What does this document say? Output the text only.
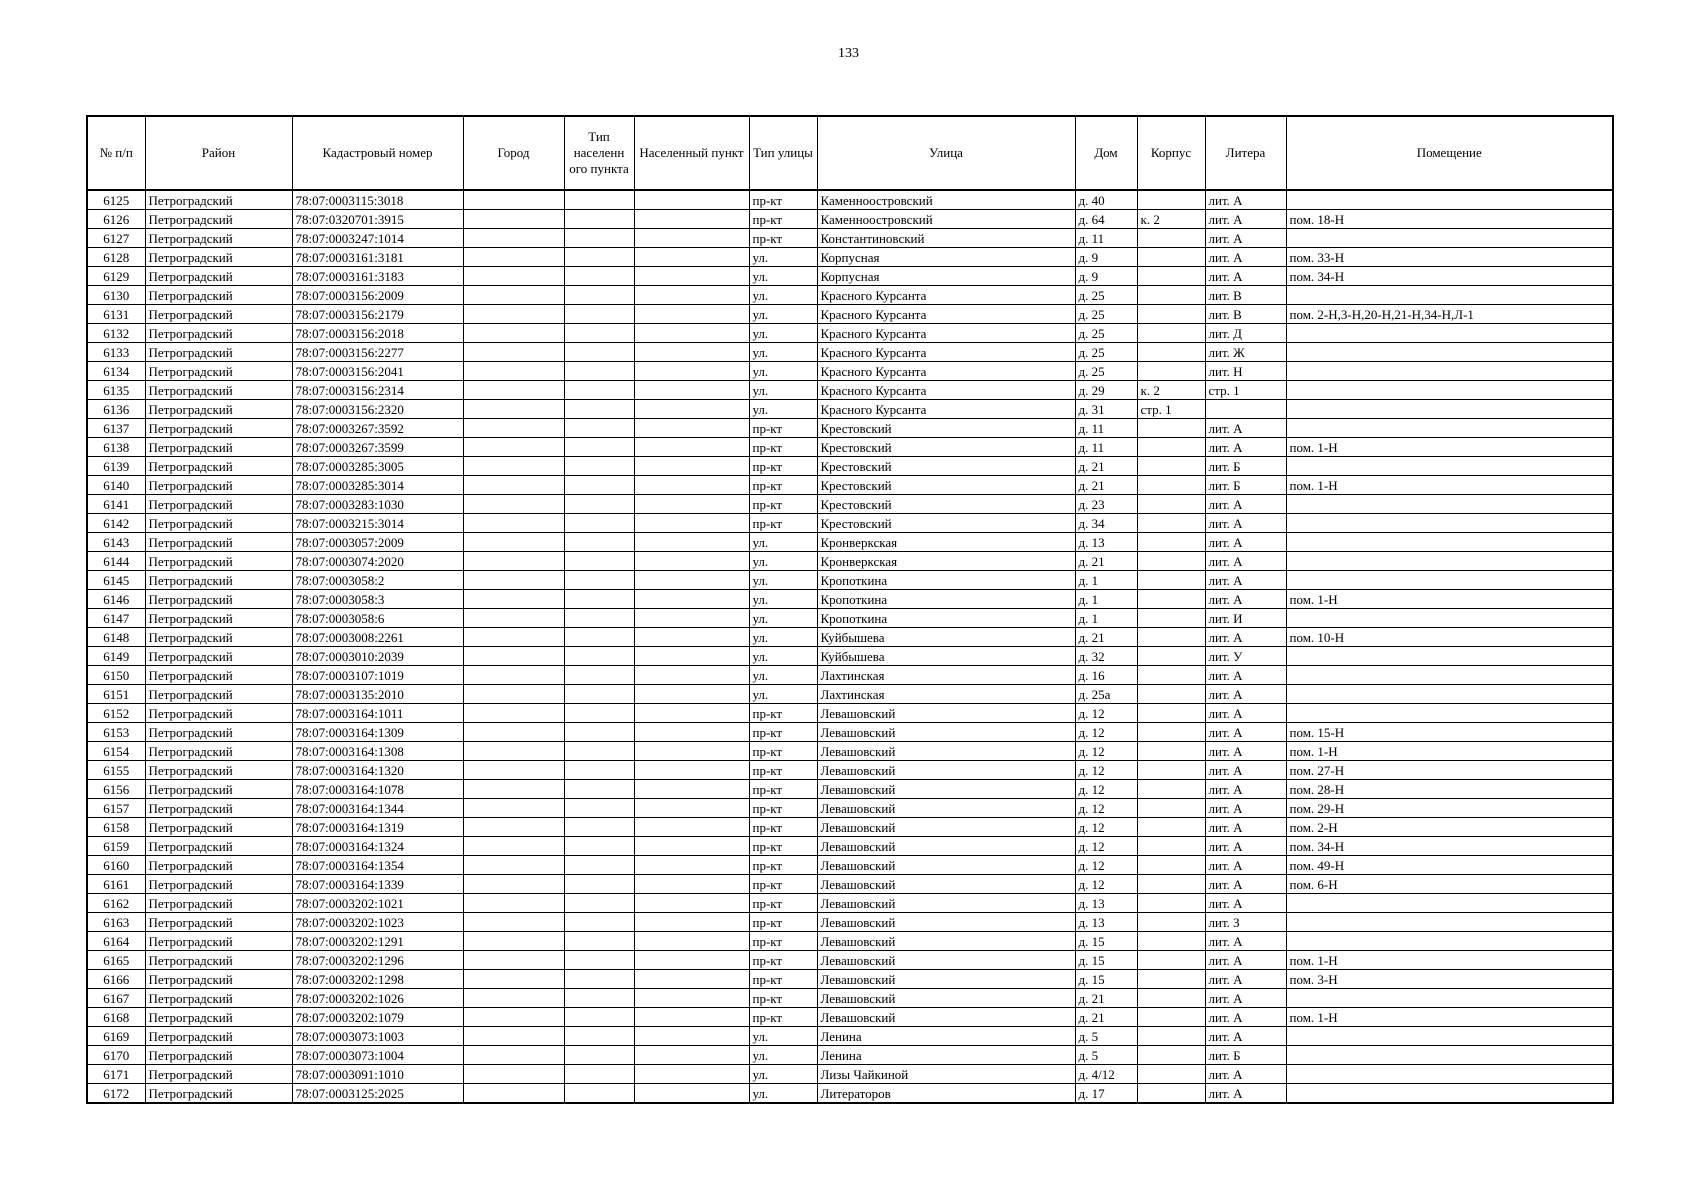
133
№ п/п	Район	Кадастровый номер	Город	Тип населенн ого пункта	Населенный пункт	Тип улицы	Улица	Дом	Корпус	Литера	Помещение
6125	Петроградский	78:07:0003115:3018				пр-кт	Каменноостровский	д. 40		лит. А	
6126	Петроградский	78:07:0320701:3915				пр-кт	Каменноостровский	д. 64	к. 2	лит. А	пом. 18-Н
6127	Петроградский	78:07:0003247:1014				пр-кт	Константиновский	д. 11		лит. А	
6128	Петроградский	78:07:0003161:3181				ул.	Корпусная	д. 9		лит. А	пом. 33-Н
6129	Петроградский	78:07:0003161:3183				ул.	Корпусная	д. 9		лит. А	пом. 34-Н
6130	Петроградский	78:07:0003156:2009				ул.	Красного Курсанта	д. 25		лит. В	
6131	Петроградский	78:07:0003156:2179				ул.	Красного Курсанта	д. 25		лит. В	пом. 2-Н,3-Н,20-Н,21-Н,34-Н,Л-1
6132	Петроградский	78:07:0003156:2018				ул.	Красного Курсанта	д. 25		лит. Д	
6133	Петроградский	78:07:0003156:2277				ул.	Красного Курсанта	д. 25		лит. Ж	
6134	Петроградский	78:07:0003156:2041				ул.	Красного Курсанта	д. 25		лит. Н	
6135	Петроградский	78:07:0003156:2314				ул.	Красного Курсанта	д. 29	к. 2	стр. 1	
6136	Петроградский	78:07:0003156:2320				ул.	Красного Курсанта	д. 31	стр. 1		
6137	Петроградский	78:07:0003267:3592				пр-кт	Крестовский	д. 11		лит. А	
6138	Петроградский	78:07:0003267:3599				пр-кт	Крестовский	д. 11		лит. А	пом. 1-Н
6139	Петроградский	78:07:0003285:3005				пр-кт	Крестовский	д. 21		лит. Б	
6140	Петроградский	78:07:0003285:3014				пр-кт	Крестовский	д. 21		лит. Б	пом. 1-Н
6141	Петроградский	78:07:0003283:1030				пр-кт	Крестовский	д. 23		лит. А	
6142	Петроградский	78:07:0003215:3014				пр-кт	Крестовский	д. 34		лит. А	
6143	Петроградский	78:07:0003057:2009				ул.	Кронверкская	д. 13		лит. А	
6144	Петроградский	78:07:0003074:2020				ул.	Кронверкская	д. 21		лит. А	
6145	Петроградский	78:07:0003058:2				ул.	Кропоткина	д. 1		лит. А	
6146	Петроградский	78:07:0003058:3				ул.	Кропоткина	д. 1		лит. А	пом. 1-Н
6147	Петроградский	78:07:0003058:6				ул.	Кропоткина	д. 1		лит. И	
6148	Петроградский	78:07:0003008:2261				ул.	Куйбышева	д. 21		лит. А	пом. 10-Н
6149	Петроградский	78:07:0003010:2039				ул.	Куйбышева	д. 32		лит. У	
6150	Петроградский	78:07:0003107:1019				ул.	Лахтинская	д. 16		лит. А	
6151	Петроградский	78:07:0003135:2010				ул.	Лахтинская	д. 25а		лит. А	
6152	Петроградский	78:07:0003164:1011				пр-кт	Левашовский	д. 12		лит. А	
6153	Петроградский	78:07:0003164:1309				пр-кт	Левашовский	д. 12		лит. А	пом. 15-Н
6154	Петроградский	78:07:0003164:1308				пр-кт	Левашовский	д. 12		лит. А	пом. 1-Н
6155	Петроградский	78:07:0003164:1320				пр-кт	Левашовский	д. 12		лит. А	пом. 27-Н
6156	Петроградский	78:07:0003164:1078				пр-кт	Левашовский	д. 12		лит. А	пом. 28-Н
6157	Петроградский	78:07:0003164:1344				пр-кт	Левашовский	д. 12		лит. А	пом. 29-Н
6158	Петроградский	78:07:0003164:1319				пр-кт	Левашовский	д. 12		лит. А	пом. 2-Н
6159	Петроградский	78:07:0003164:1324				пр-кт	Левашовский	д. 12		лит. А	пом. 34-Н
6160	Петроградский	78:07:0003164:1354				пр-кт	Левашовский	д. 12		лит. А	пом. 49-Н
6161	Петроградский	78:07:0003164:1339				пр-кт	Левашовский	д. 12		лит. А	пом. 6-Н
6162	Петроградский	78:07:0003202:1021				пр-кт	Левашовский	д. 13		лит. А	
6163	Петроградский	78:07:0003202:1023				пр-кт	Левашовский	д. 13		лит. З	
6164	Петроградский	78:07:0003202:1291				пр-кт	Левашовский	д. 15		лит. А	
6165	Петроградский	78:07:0003202:1296				пр-кт	Левашовский	д. 15		лит. А	пом. 1-Н
6166	Петроградский	78:07:0003202:1298				пр-кт	Левашовский	д. 15		лит. А	пом. 3-Н
6167	Петроградский	78:07:0003202:1026				пр-кт	Левашовский	д. 21		лит. А	
6168	Петроградский	78:07:0003202:1079				пр-кт	Левашовский	д. 21		лит. А	пом. 1-Н
6169	Петроградский	78:07:0003073:1003				ул.	Ленина	д. 5		лит. А	
6170	Петроградский	78:07:0003073:1004				ул.	Ленина	д. 5		лит. Б	
6171	Петроградский	78:07:0003091:1010				ул.	Лизы Чайкиной	д. 4/12		лит. А	
6172	Петроградский	78:07:0003125:2025				ул.	Литераторов	д. 17		лит. А	
